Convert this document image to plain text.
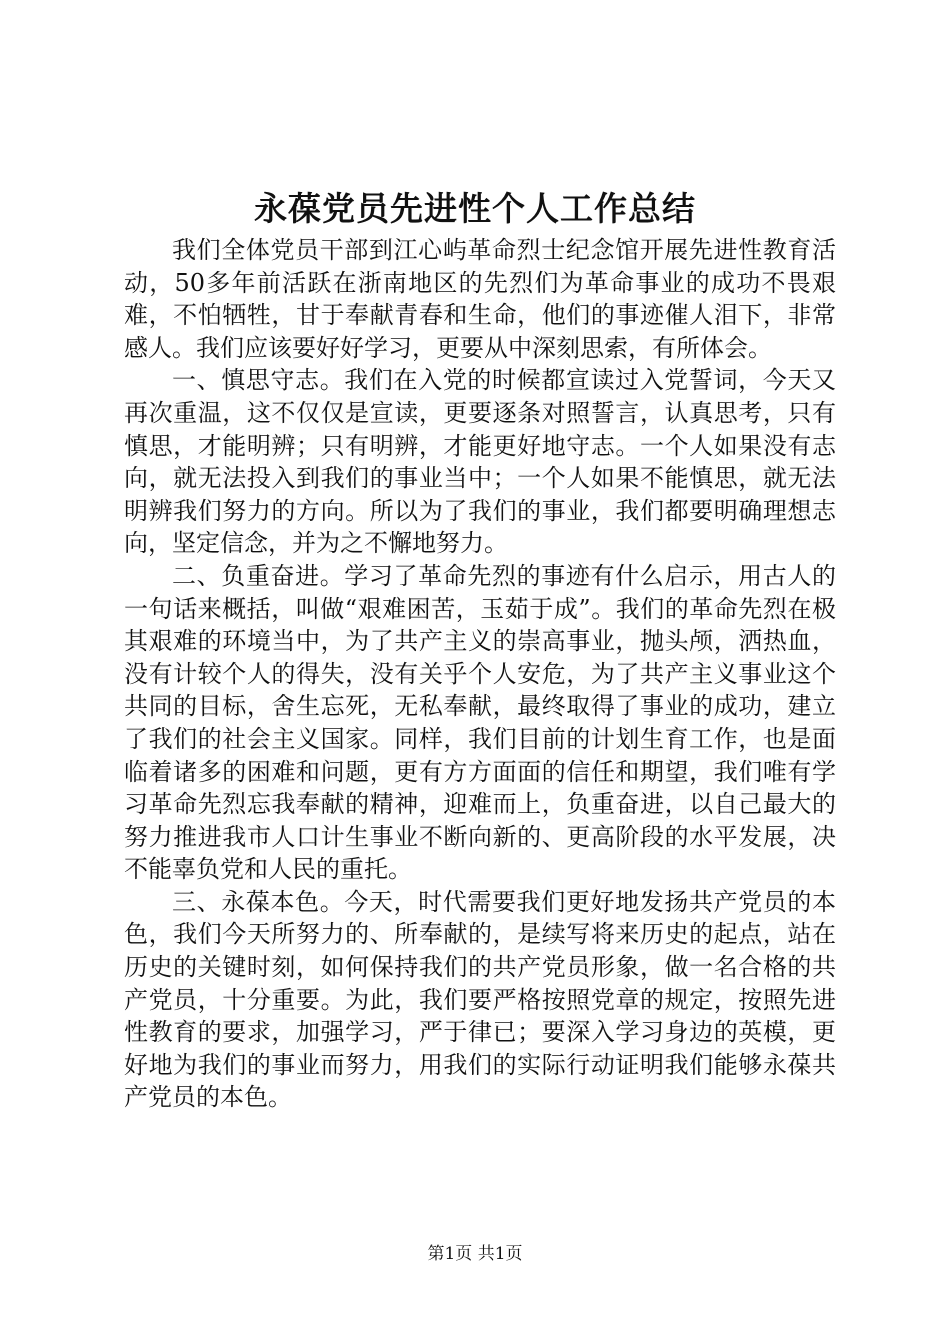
永葆党员先进性个人工作总结

我们全体党员干部到江心屿革命烈士纪念馆开展先进性教育活动，50多年前活跃在浙南地区的先烈们为革命事业的成功不畏艰难，不怕牺牲，甘于奉献青春和生命，他们的事迹催人泪下，非常感人。我们应该要好好学习，更要从中深刻思索，有所体会。

一、慎思守志。我们在入党的时候都宣读过入党誓词，今天又再次重温，这不仅仅是宣读，更要逐条对照誓言，认真思考，只有慎思，才能明辨；只有明辨，才能更好地守志。一个人如果没有志向，就无法投入到我们的事业当中；一个人如果不能慎思，就无法明辨我们努力的方向。所以为了我们的事业，我们都要明确理想志向，坚定信念，并为之不懈地努力。

二、负重奋进。学习了革命先烈的事迹有什么启示，用古人的一句话来概括，叫做“艰难困苦，玉茹于成”。我们的革命先烈在极其艰难的环境当中，为了共产主义的崇高事业，抛头颅，洒热血，没有计较个人的得失，没有关乎个人安危，为了共产主义事业这个共同的目标，舍生忘死，无私奉献，最终取得了事业的成功，建立了我们的社会主义国家。同样，我们目前的计划生育工作，也是面临着诸多的困难和问题，更有方方面面的信任和期望，我们唯有学习革命先烈忘我奉献的精神，迎难而上，负重奋进，以自己最大的努力推进我市人口计生事业不断向新的、更高阶段的水平发展，决不能辜负党和人民的重托。

三、永葆本色。今天，时代需要我们更好地发扬共产党员的本色，我们今天所努力的、所奉献的，是续写将来历史的起点，站在历史的关键时刻，如何保持我们的共产党员形象，做一名合格的共产党员，十分重要。为此，我们要严格按照党章的规定，按照先进性教育的要求，加强学习，严于律已；要深入学习身边的英模，更好地为我们的事业而努力，用我们的实际行动证明我们能够永葆共产党员的本色。

第1页 共1页
